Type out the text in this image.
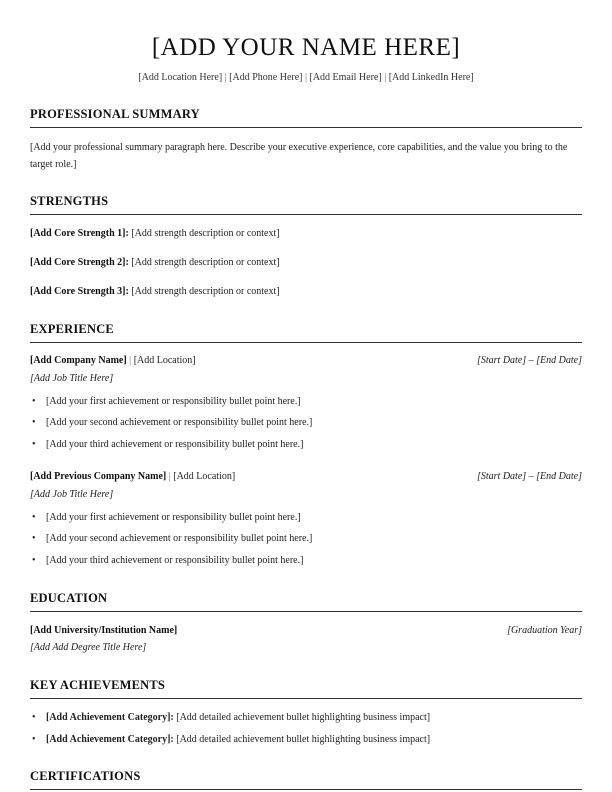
[ADD YOUR NAME HERE]
[Add Location Here] | [Add Phone Here] | [Add Email Here] | [Add LinkedIn Here]
PROFESSIONAL SUMMARY
[Add your professional summary paragraph here. Describe your executive experience, core capabilities, and the value you bring to the target role.]
STRENGTHS
[Add Core Strength 1]: [Add strength description or context]
[Add Core Strength 2]: [Add strength description or context]
[Add Core Strength 3]: [Add strength description or context]
EXPERIENCE
[Add Company Name] | [Add Location]	[Start Date] – [End Date]
[Add Job Title Here]
• [Add your first achievement or responsibility bullet point here.]
• [Add your second achievement or responsibility bullet point here.]
• [Add your third achievement or responsibility bullet point here.]
[Add Previous Company Name] | [Add Location]	[Start Date] – [End Date]
[Add Job Title Here]
• [Add your first achievement or responsibility bullet point here.]
• [Add your second achievement or responsibility bullet point here.]
• [Add your third achievement or responsibility bullet point here.]
EDUCATION
[Add University/Institution Name]	[Graduation Year]
[Add Add Degree Title Here]
KEY ACHIEVEMENTS
• [Add Achievement Category]: [Add detailed achievement bullet highlighting business impact]
• [Add Achievement Category]: [Add detailed achievement bullet highlighting business impact]
CERTIFICATIONS
